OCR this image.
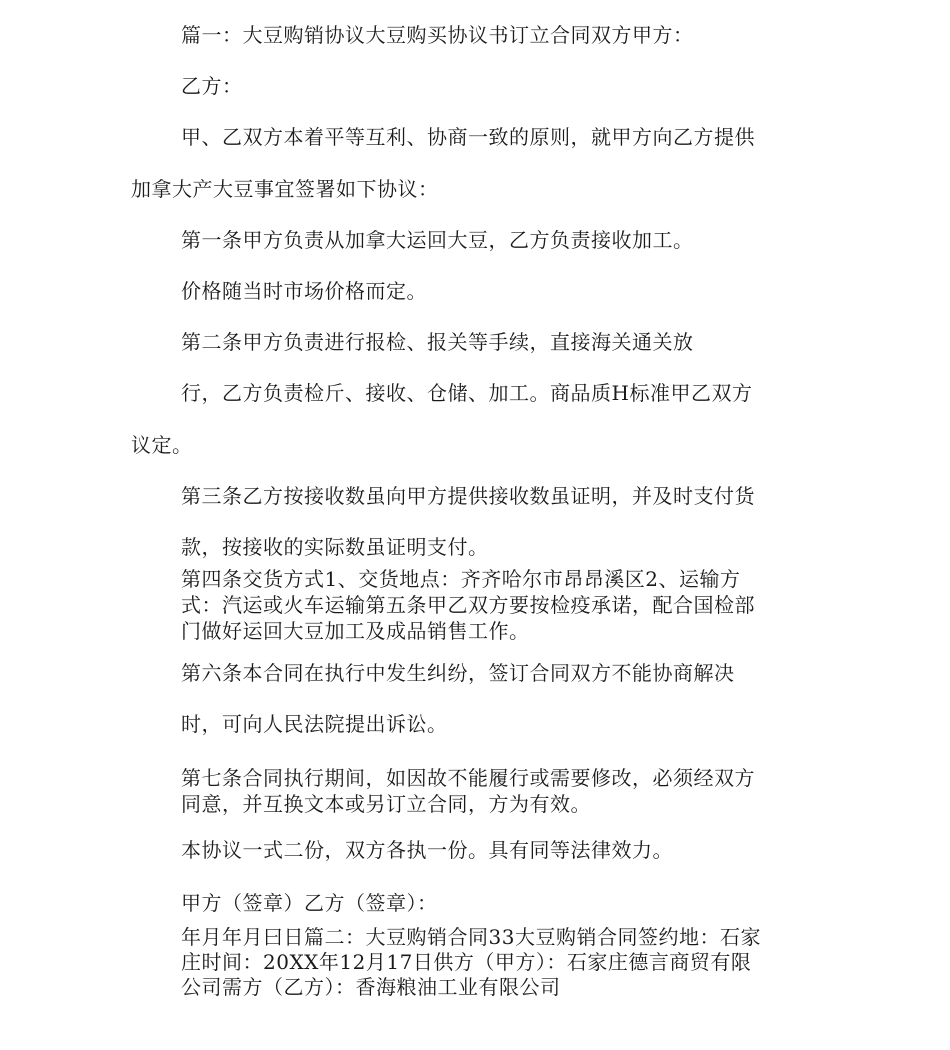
篇一：大豆购销协议大豆购买协议书订立合同双方甲方：
乙方：
甲、乙双方本着平等互利、协商一致的原则，就甲方向乙方提供
加拿大产大豆事宜签署如下协议：
第一条甲方负责从加拿大运回大豆，乙方负责接收加工。
价格随当时市场价格而定。
第二条甲方负责进行报检、报关等手续，直接海关通关放
行，乙方负责检斤、接收、仓储、加工。商品质H标准甲乙双方
议定。
第三条乙方按接收数虽向甲方提供接收数虽证明，并及时支付货
款，按接收的实际数虽证明支付。
第四条交货方式1、交货地点：齐齐哈尔市昂昂溪区2、运输方
式：汽运或火车运输第五条甲乙双方要按检疫承诺，配合国检部
门做好运回大豆加工及成品销售工作。
第六条本合同在执行中发生纠纷，签订合同双方不能协商解决
时，可向人民法院提出诉讼。
第七条合同执行期间，如因故不能履行或需要修改，必须经双方
同意，并互换文本或另订立合同，方为有效。
本协议一式二份，双方各执一份。具有同等法律效力。
甲方（签章）乙方（签章）：
年月年月曰日篇二：大豆购销合同33大豆购销合同签约地：石家
庄时间：20XX年12月17日供方（甲方）：石家庄德言商贸有限
公司需方（乙方）：香海粮油工业有限公司
